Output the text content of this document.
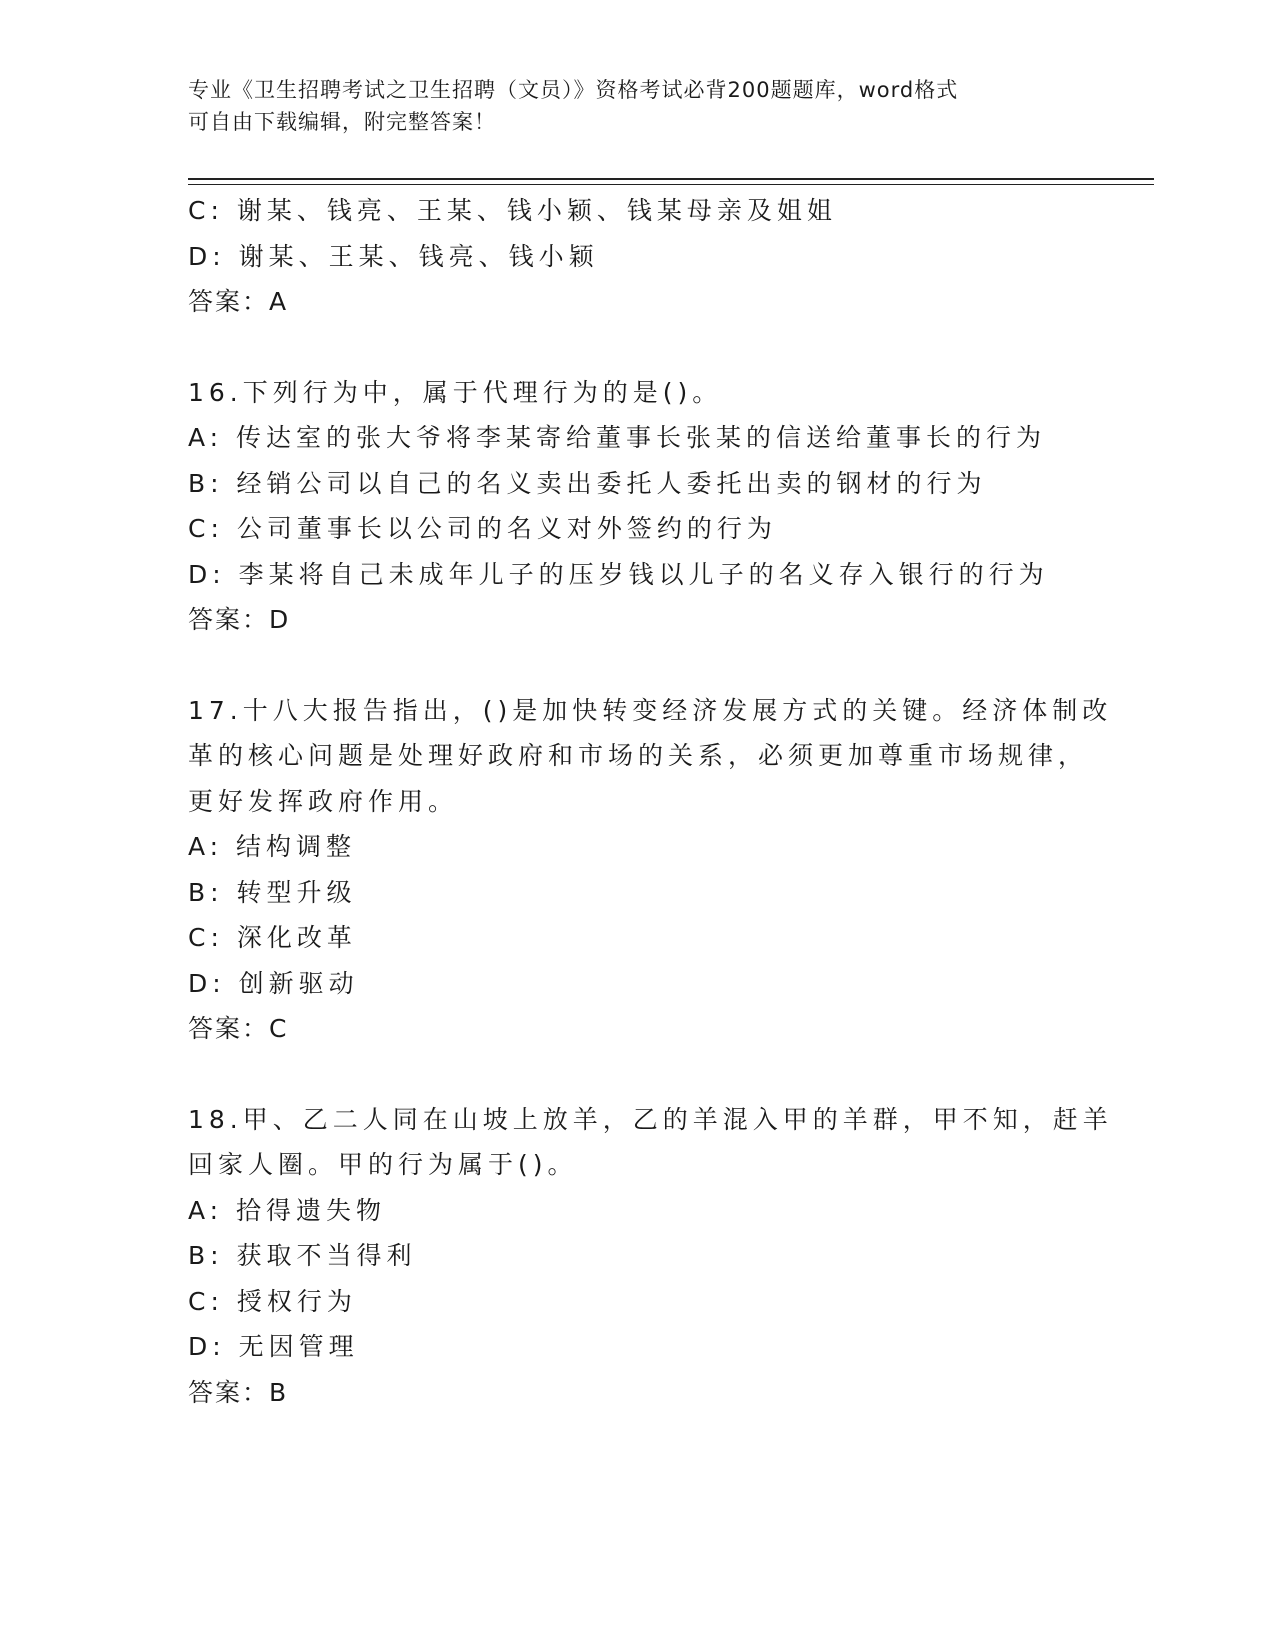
专业《卫生招聘考试之卫生招聘（文员）》资格考试必背200题题库，word格式
可自由下载编辑，附完整答案！
C: 谢某、钱亮、王某、钱小颖、钱某母亲及姐姐
D: 谢某、王某、钱亮、钱小颖
答案：A
16.下列行为中，属于代理行为的是()。
A: 传达室的张大爷将李某寄给董事长张某的信送给董事长的行为
B: 经销公司以自己的名义卖出委托人委托出卖的钢材的行为
C: 公司董事长以公司的名义对外签约的行为
D: 李某将自己未成年儿子的压岁钱以儿子的名义存入银行的行为
答案：D
17.十八大报告指出，()是加快转变经济发展方式的关键。经济体制改
革的核心问题是处理好政府和市场的关系，必须更加尊重市场规律，
更好发挥政府作用。
A: 结构调整
B: 转型升级
C: 深化改革
D: 创新驱动
答案：C
18.甲、乙二人同在山坡上放羊，乙的羊混入甲的羊群，甲不知，赶羊
回家人圈。甲的行为属于()。
A: 拾得遗失物
B: 获取不当得利
C: 授权行为
D: 无因管理
答案：B
